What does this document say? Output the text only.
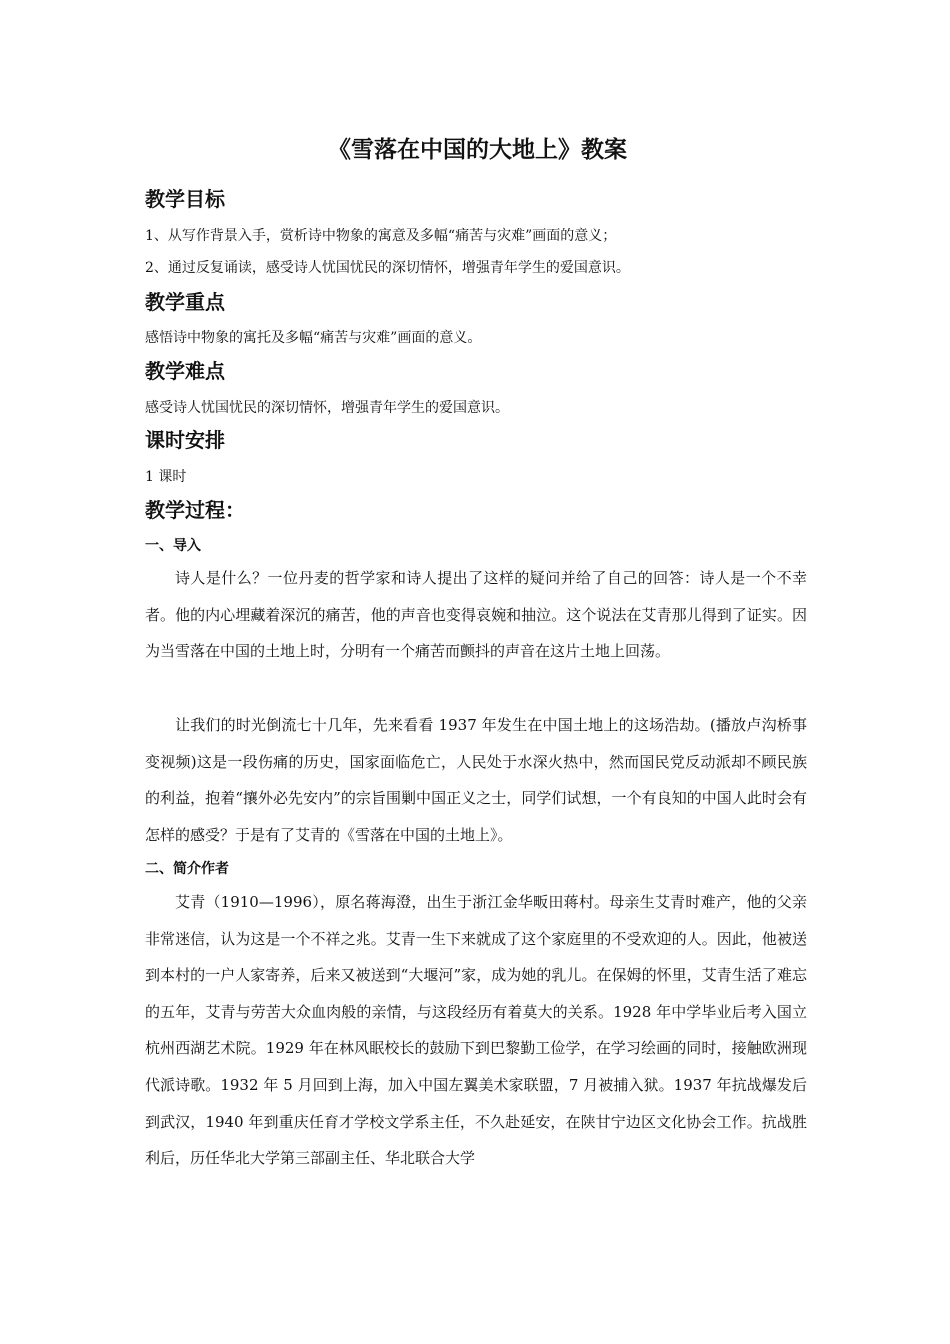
《雪落在中国的大地上》教案
教学目标

1、从写作背景入手，赏析诗中物象的寓意及多幅“痛苦与灾难”画面的意义；

2、通过反复诵读，感受诗人忧国忧民的深切情怀，增强青年学生的爱国意识。

教学重点

感悟诗中物象的寓托及多幅“痛苦与灾难”画面的意义。

教学难点

感受诗人忧国忧民的深切情怀，增强青年学生的爱国意识。

课时安排

1 课时

教学过程：
一、导入

诗人是什么？一位丹麦的哲学家和诗人提出了这样的疑问并给了自己的回答：诗人是一个不幸者。他的内心埋藏着深沉的痛苦，他的声音也变得哀婉和抽泣。这个说法在艾青那儿得到了证实。因为当雪落在中国的土地上时，分明有一个痛苦而颤抖的声音在这片土地上回荡。

让我们的时光倒流七十几年，先来看看 1937 年发生在中国土地上的这场浩劫。(播放卢沟桥事变视频)这是一段伤痛的历史，国家面临危亡，人民处于水深火热中，然而国民党反动派却不顾民族的利益，抱着“攘外必先安内”的宗旨围剿中国正义之士，同学们试想，一个有良知的中国人此时会有怎样的感受？于是有了艾青的《雪落在中国的土地上》。

二、简介作者

艾青（1910—1996），原名蒋海澄，出生于浙江金华畈田蒋村。母亲生艾青时难产，他的父亲非常迷信，认为这是一个不祥之兆。艾青一生下来就成了这个家庭里的不受欢迎的人。因此，他被送到本村的一户人家寄养，后来又被送到“大堰河”家，成为她的乳儿。在保姆的怀里，艾青生活了难忘的五年，艾青与劳苦大众血肉般的亲情，与这段经历有着莫大的关系。1928 年中学毕业后考入国立杭州西湖艺术院。1929 年在林风眠校长的鼓励下到巴黎勤工俭学，在学习绘画的同时，接触欧洲现代派诗歌。1932 年 5 月回到上海，加入中国左翼美术家联盟，7 月被捕入狱。1937 年抗战爆发后到武汉，1940 年到重庆任育才学校文学系主任，不久赴延安，在陕甘宁边区文化协会工作。抗战胜利后，历任华北大学第三部副主任、华北联合大学
